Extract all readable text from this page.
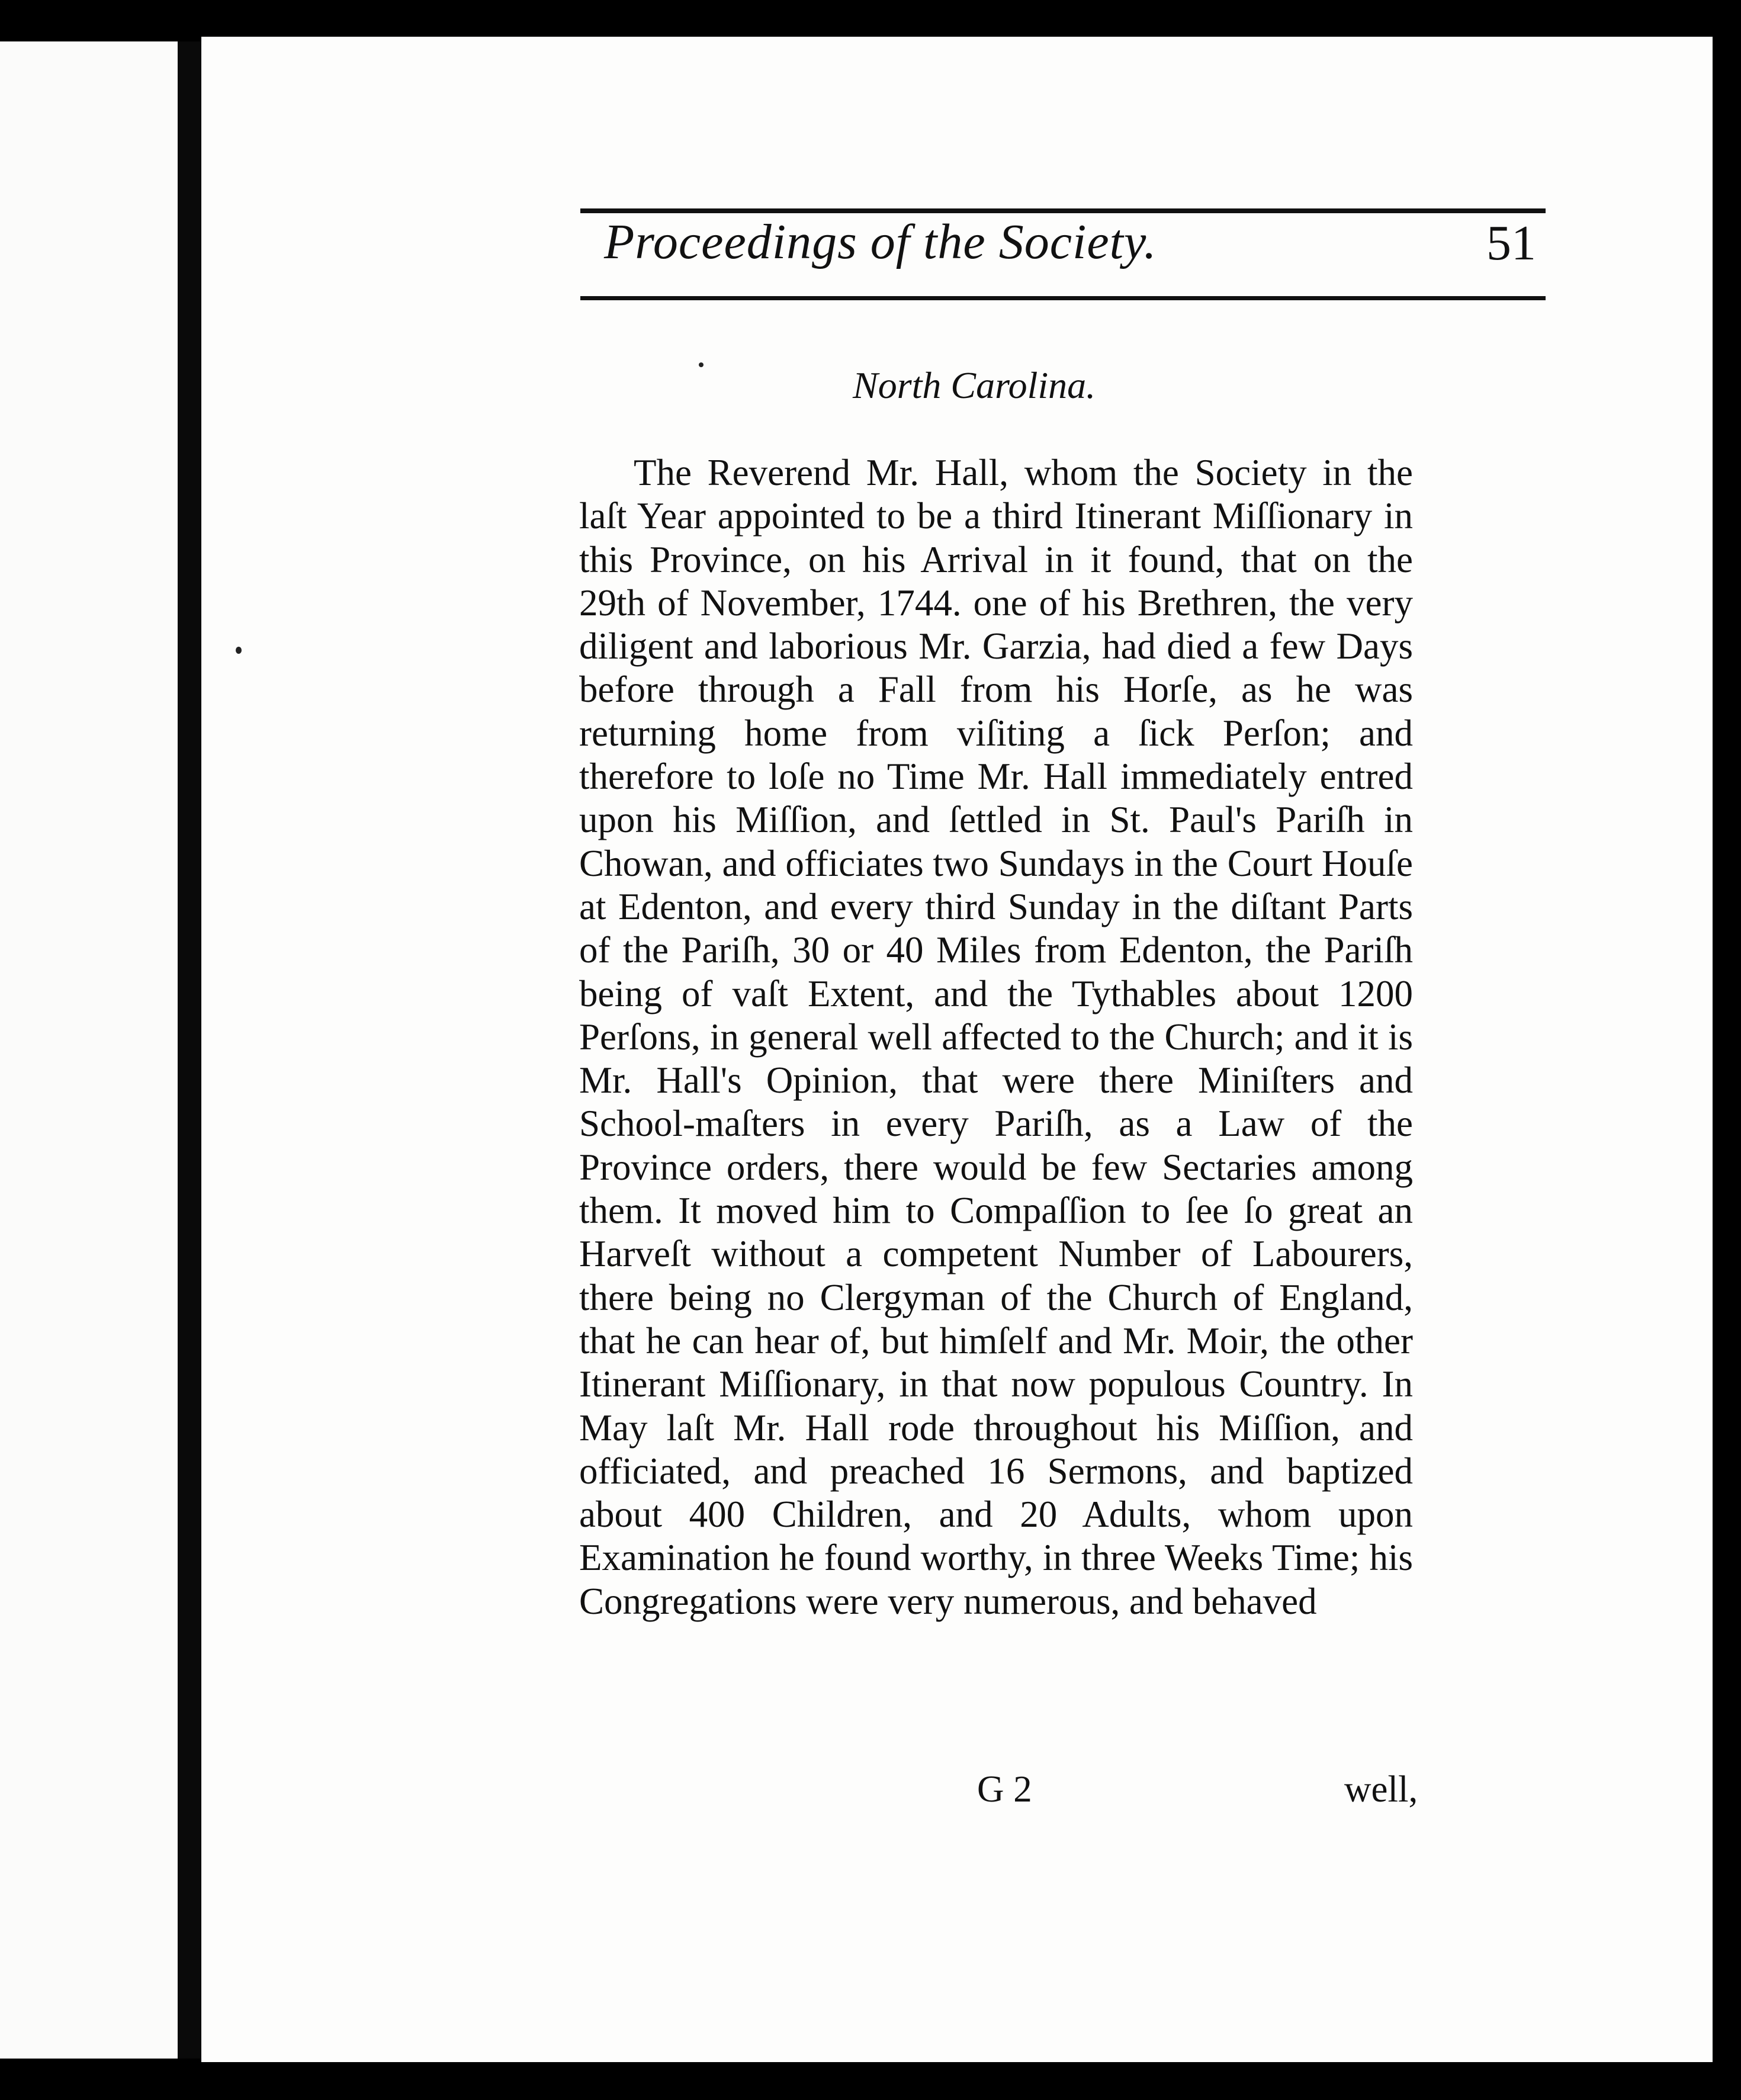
Proceedings of the Society.	51
North Carolina.

The Reverend Mr. Hall, whom the Society in the laſt Year appointed to be a third Itinerant Miſſionary in this Province, on his Arrival in it found, that on the 29th of November, 1744. one of his Brethren, the very diligent and laborious Mr. Garzia, had died a few Days before through a Fall from his Horſe, as he was returning home from viſiting a ſick Perſon; and therefore to loſe no Time Mr. Hall immediately entred upon his Miſſion, and ſettled in St. Paul's Pariſh in Chowan, and officiates two Sundays in the Court Houſe at Edenton, and every third Sunday in the diſtant Parts of the Pariſh, 30 or 40 Miles from Edenton, the Pariſh being of vaſt Extent, and the Tythables about 1200 Perſons, in general well affected to the Church; and it is Mr. Hall's Opinion, that were there Miniſters and School-maſters in every Pariſh, as a Law of the Province orders, there would be few Sectaries among them. It moved him to Compaſſion to ſee ſo great an Harveſt without a competent Number of Labourers, there being no Clergyman of the Church of England, that he can hear of, but himſelf and Mr. Moir, the other Itinerant Miſſionary, in that now populous Country. In May laſt Mr. Hall rode throughout his Miſſion, and officiated, and preached 16 Sermons, and baptized about 400 Children, and 20 Adults, whom upon Examination he found worthy, in three Weeks Time; his Congregations were very numerous, and behaved

G 2	well,
